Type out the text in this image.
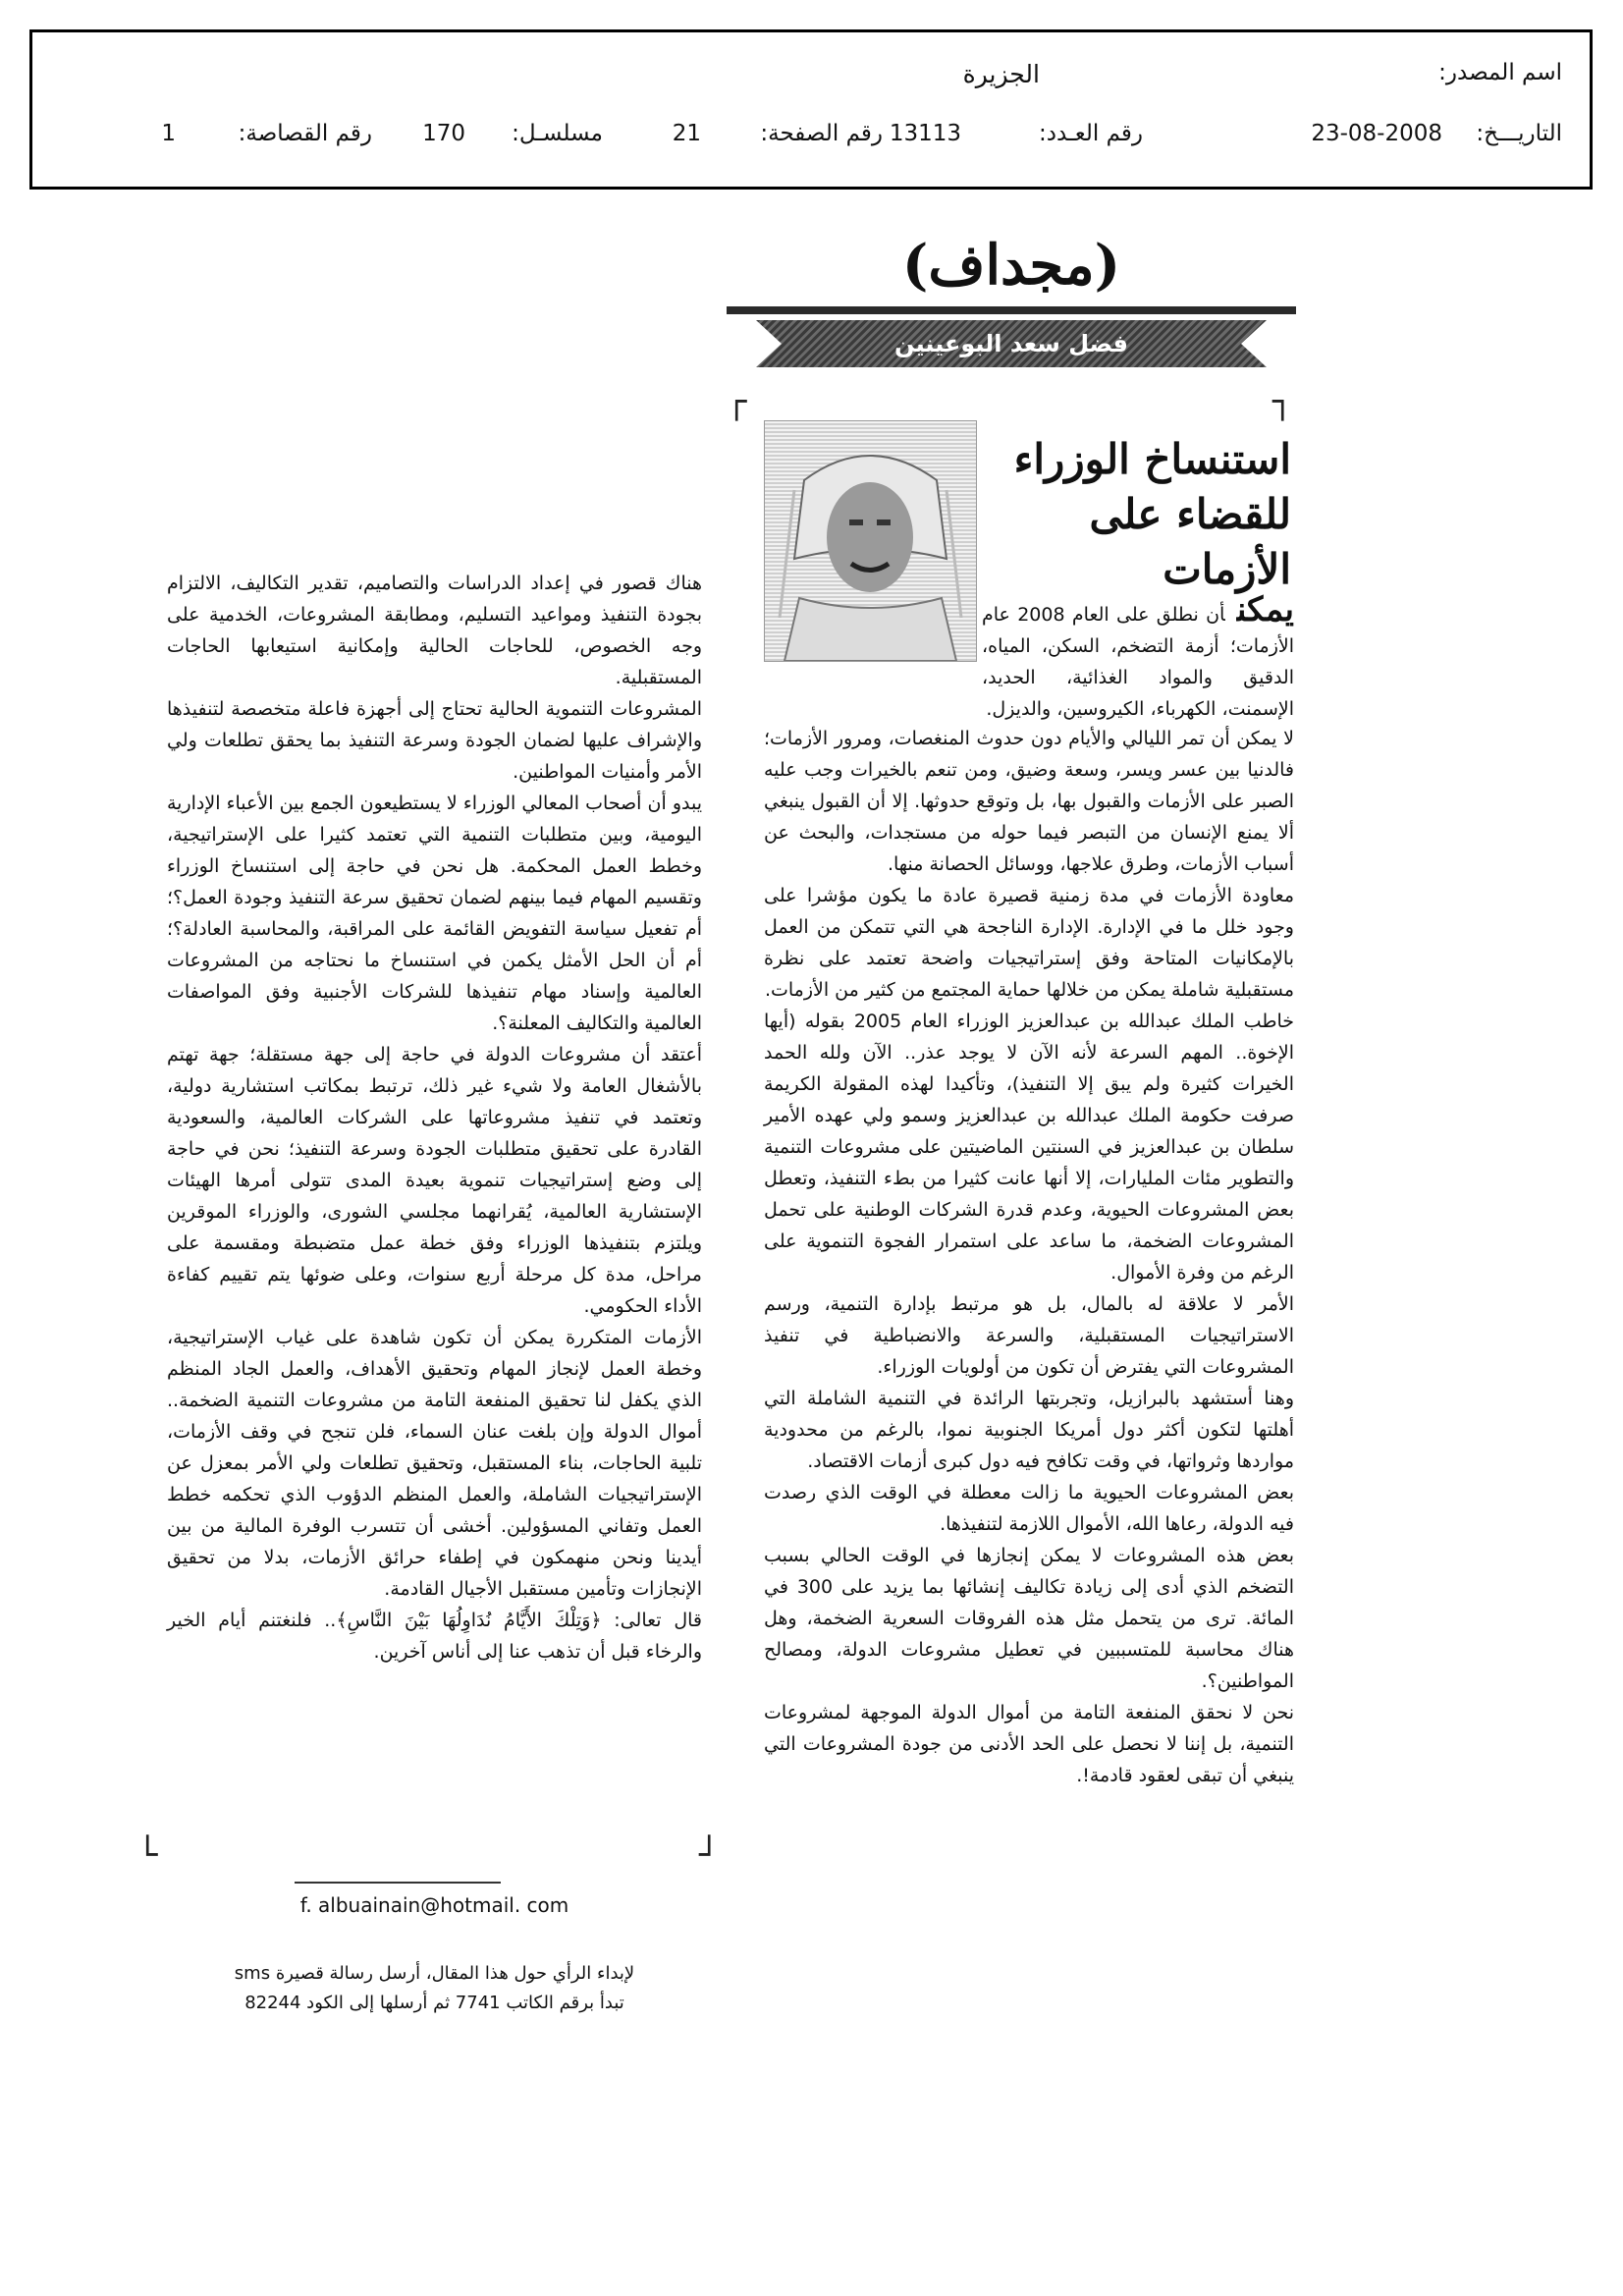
اسم المصدر:
الجزيرة
التاريـــخ:
23-08-2008
رقم العـدد:
13113
رقم الصفحة:
21
مسلسـل:
170
رقم القصاصة:
1
(مجداف)
فضل سعد البوعينين
┐
┌
└	┘
استنساخ الوزراء
للقضاء على الأزمات

يمكنأن نطلق على العام 2008 عام الأزمات؛ أزمة التضخم، السكن، المياه، الدقيق والمواد الغذائية، الحديد، الإسمنت، الكهرباء، الكيروسين، والديزل.

لا يمكن أن تمر الليالي والأيام دون حدوث المنغصات، ومرور الأزمات؛ فالدنيا بين عسر ويسر، وسعة وضيق، ومن تنعم بالخيرات وجب عليه الصبر على الأزمات والقبول بها، بل وتوقع حدوثها. إلا أن القبول ينبغي ألا يمنع الإنسان من التبصر فيما حوله من مستجدات، والبحث عن أسباب الأزمات، وطرق علاجها، ووسائل الحصانة منها.

معاودة الأزمات في مدة زمنية قصيرة عادة ما يكون مؤشرا على وجود خلل ما في الإدارة. الإدارة الناجحة هي التي تتمكن من العمل بالإمكانيات المتاحة وفق إستراتيجيات واضحة تعتمد على نظرة مستقبلية شاملة يمكن من خلالها حماية المجتمع من كثير من الأزمات.

خاطب الملك عبدالله بن عبدالعزيز الوزراء العام 2005 بقوله (أيها الإخوة.. المهم السرعة لأنه الآن لا يوجد عذر.. الآن ولله الحمد الخيرات كثيرة ولم يبق إلا التنفيذ)، وتأكيدا لهذه المقولة الكريمة صرفت حكومة الملك عبدالله بن عبدالعزيز وسمو ولي عهده الأمير سلطان بن عبدالعزيز في السنتين الماضيتين على مشروعات التنمية والتطوير مئات المليارات، إلا أنها عانت كثيرا من بطء التنفيذ، وتعطل بعض المشروعات الحيوية، وعدم قدرة الشركات الوطنية على تحمل المشروعات الضخمة، ما ساعد على استمرار الفجوة التنموية على الرغم من وفرة الأموال.

الأمر لا علاقة له بالمال، بل هو مرتبط بإدارة التنمية، ورسم الاستراتيجيات المستقبلية، والسرعة والانضباطية في تنفيذ المشروعات التي يفترض أن تكون من أولويات الوزراء.

وهنا أستشهد بالبرازيل، وتجربتها الرائدة في التنمية الشاملة التي أهلتها لتكون أكثر دول أمريكا الجنوبية نموا، بالرغم من محدودية مواردها وثرواتها، في وقت تكافح فيه دول كبرى أزمات الاقتصاد.

بعض المشروعات الحيوية ما زالت معطلة في الوقت الذي رصدت فيه الدولة، رعاها الله، الأموال اللازمة لتنفيذها.

بعض هذه المشروعات لا يمكن إنجازها في الوقت الحالي بسبب التضخم الذي أدى إلى زيادة تكاليف إنشائها بما يزيد على 300 في المائة. ترى من يتحمل مثل هذه الفروقات السعرية الضخمة، وهل هناك محاسبة للمتسببين في تعطيل مشروعات الدولة، ومصالح المواطنين؟.

نحن لا نحقق المنفعة التامة من أموال الدولة الموجهة لمشروعات التنمية، بل إننا لا نحصل على الحد الأدنى من جودة المشروعات التي ينبغي أن تبقى لعقود قادمة!.

هناك قصور في إعداد الدراسات والتصاميم، تقدير التكاليف، الالتزام بجودة التنفيذ ومواعيد التسليم، ومطابقة المشروعات، الخدمية على وجه الخصوص، للحاجات الحالية وإمكانية استيعابها الحاجات المستقبلية.

المشروعات التنموية الحالية تحتاج إلى أجهزة فاعلة متخصصة لتنفيذها والإشراف عليها لضمان الجودة وسرعة التنفيذ بما يحقق تطلعات ولي الأمر وأمنيات المواطنين.

يبدو أن أصحاب المعالي الوزراء لا يستطيعون الجمع بين الأعباء الإدارية اليومية، وبين متطلبات التنمية التي تعتمد كثيرا على الإستراتيجية، وخطط العمل المحكمة. هل نحن في حاجة إلى استنساخ الوزراء وتقسيم المهام فيما بينهم لضمان تحقيق سرعة التنفيذ وجودة العمل؟؛ أم تفعيل سياسة التفويض القائمة على المراقبة، والمحاسبة العادلة؟؛ أم أن الحل الأمثل يكمن في استنساخ ما نحتاجه من المشروعات العالمية وإسناد مهام تنفيذها للشركات الأجنبية وفق المواصفات العالمية والتكاليف المعلنة؟.

أعتقد أن مشروعات الدولة في حاجة إلى جهة مستقلة؛ جهة تهتم بالأشغال العامة ولا شيء غير ذلك، ترتبط بمكاتب استشارية دولية، وتعتمد في تنفيذ مشروعاتها على الشركات العالمية، والسعودية القادرة على تحقيق متطلبات الجودة وسرعة التنفيذ؛ نحن في حاجة إلى وضع إستراتيجيات تنموية بعيدة المدى تتولى أمرها الهيئات الإستشارية العالمية، يُقرانهما مجلسي الشورى، والوزراء الموقرين ويلتزم بتنفيذها الوزراء وفق خطة عمل متضبطة ومقسمة على مراحل، مدة كل مرحلة أربع سنوات، وعلى ضوئها يتم تقييم كفاءة الأداء الحكومي.

الأزمات المتكررة يمكن أن تكون شاهدة على غياب الإستراتيجية، وخطة العمل لإنجاز المهام وتحقيق الأهداف، والعمل الجاد المنظم الذي يكفل لنا تحقيق المنفعة التامة من مشروعات التنمية الضخمة.. أموال الدولة وإن بلغت عنان السماء، فلن تنجح في وقف الأزمات، تلبية الحاجات، بناء المستقبل، وتحقيق تطلعات ولي الأمر بمعزل عن الإستراتيجيات الشاملة، والعمل المنظم الدؤوب الذي تحكمه خطط العمل وتفاني المسؤولين. أخشى أن تتسرب الوفرة المالية من بين أيدينا ونحن منهمكون في إطفاء حرائق الأزمات، بدلا من تحقيق الإنجازات وتأمين مستقبل الأجيال القادمة.

قال تعالى: ﴿وَتِلْكَ الأَيَّامُ نُدَاوِلُهَا بَيْنَ النَّاسِ﴾.. فلنغتنم أيام الخير والرخاء قبل أن تذهب عنا إلى أناس آخرين.

f. albuainain@hotmail. com
لإبداء الرأي حول هذا المقال، أرسل رسالة قصيرة sms
تبدأ برقم الكاتب 7741 ثم أرسلها إلى الكود 82244
